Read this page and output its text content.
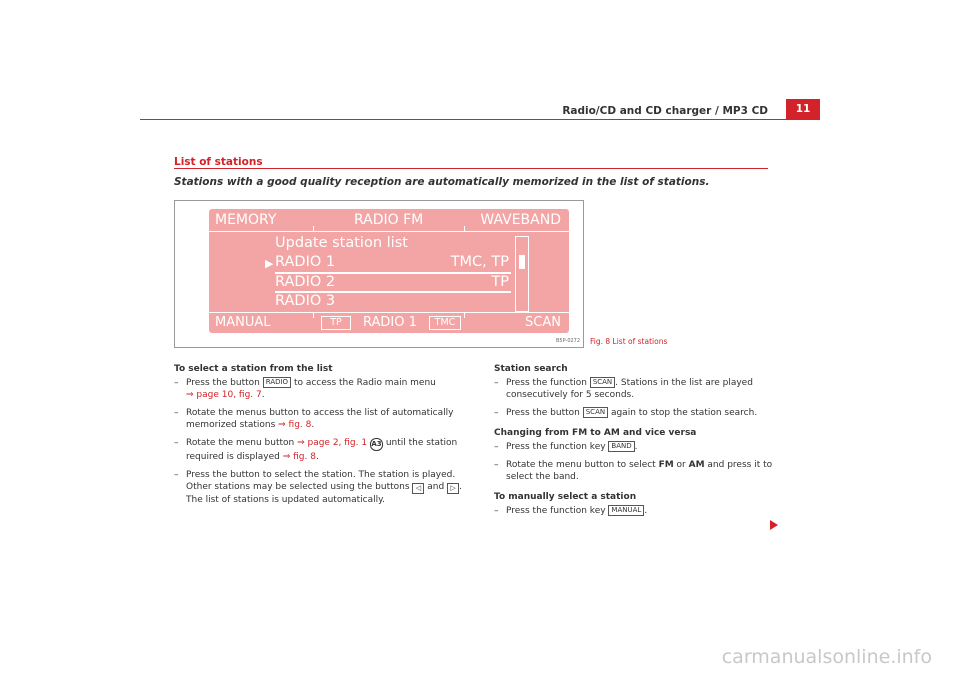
Radio/CD and CD charger / MP3 CD	11
List of stations
Stations with a good quality reception are automatically memorized in the list of stations.
MEMORY	RADIO FM	WAVEBAND
Update station list
▶ RADIO 1	TMC, TP
RADIO 2	TP
RADIO 3
MANUAL	TP	RADIO 1	TMC	SCAN
B5P-0272 Fig. 8 List of stations
To select a station from the list
– Press the button RADIO to access the Radio main menu
⇒ page 10, fig. 7.
– Rotate the menus button to access the list of automatically memorized stations ⇒ fig. 8.
– Rotate the menu button ⇒ page 2, fig. 1 A3 until the station required is displayed ⇒ fig. 8.
– Press the button to select the station. The station is played. Other stations may be selected using the buttons ◁ and ▷ . The list of stations is updated automatically.
Station search
– Press the function SCAN . Stations in the list are played consecutively for 5 seconds.
– Press the button SCAN again to stop the station search.
Changing from FM to AM and vice versa
– Press the function key BAND .
– Rotate the menu button to select FM or AM and press it to select the band.
To manually select a station
– Press the function key MANUAL .
carmanualsonline.info
